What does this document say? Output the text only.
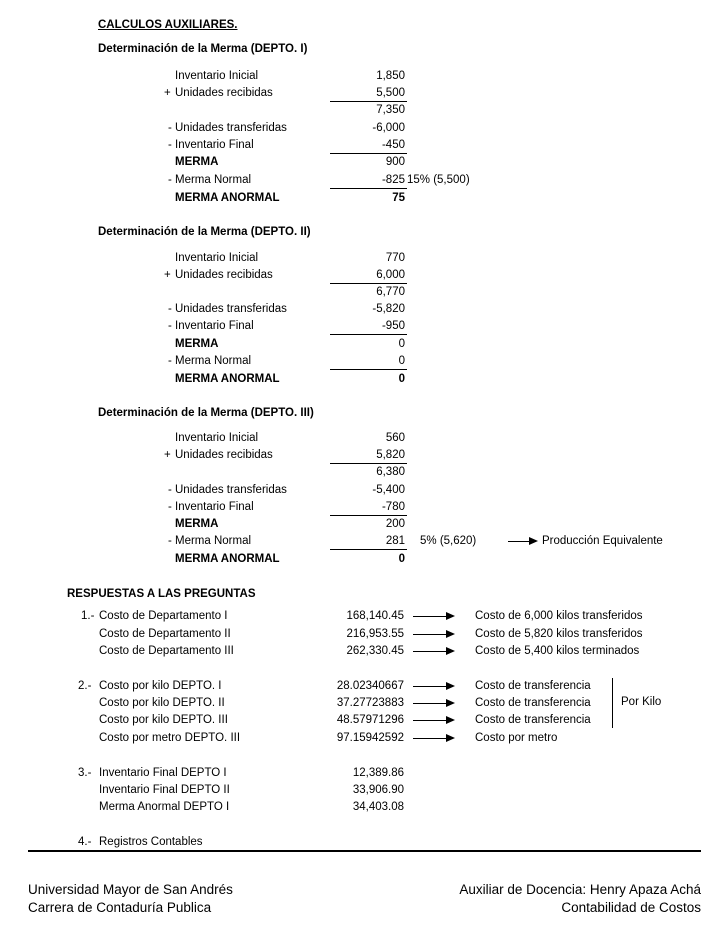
CALCULOS AUXILIARES.
Determinación de la Merma (DEPTO. I)
Inventario Inicial	1,850
+ Unidades recibidas	5,500
7,350
- Unidades transferidas	-6,000
- Inventario Final	-450
MERMA	900
- Merma Normal	-825 15% (5,500)
MERMA ANORMAL	75
Determinación de la Merma (DEPTO. II)
Inventario Inicial	770
+ Unidades recibidas	6,000
6,770
- Unidades transferidas	-5,820
- Inventario Final	-950
MERMA	0
- Merma Normal	0
MERMA ANORMAL	0
Determinación de la Merma (DEPTO. III)
Inventario Inicial	560
+ Unidades recibidas	5,820
6,380
- Unidades transferidas	-5,400
- Inventario Final	-780
MERMA	200
- Merma Normal	281 5% (5,620)	Producción Equivalente
MERMA ANORMAL	0
RESPUESTAS A LAS PREGUNTAS
1.- Costo de Departamento I	168,140.45	Costo de 6,000 kilos transferidos
Costo de Departamento II	216,953.55	Costo de 5,820 kilos transferidos
Costo de Departamento III	262,330.45	Costo de 5,400 kilos terminados
2.- Costo por kilo DEPTO. I	28.02340667	Costo de transferencia
Costo por kilo DEPTO. II	37.27723883	Costo de transferencia
Costo por kilo DEPTO. III	48.57971296	Costo de transferencia
Costo por metro DEPTO. III	97.15942592	Costo por metro
Por Kilo
3.- Inventario Final DEPTO I	12,389.86
Inventario Final DEPTO II	33,906.90
Merma Anormal DEPTO I	34,403.08
4.- Registros Contables
Universidad Mayor de San Andrés
Carrera de Contaduría Publica
Auxiliar de Docencia: Henry Apaza Achá
Contabilidad de Costos
